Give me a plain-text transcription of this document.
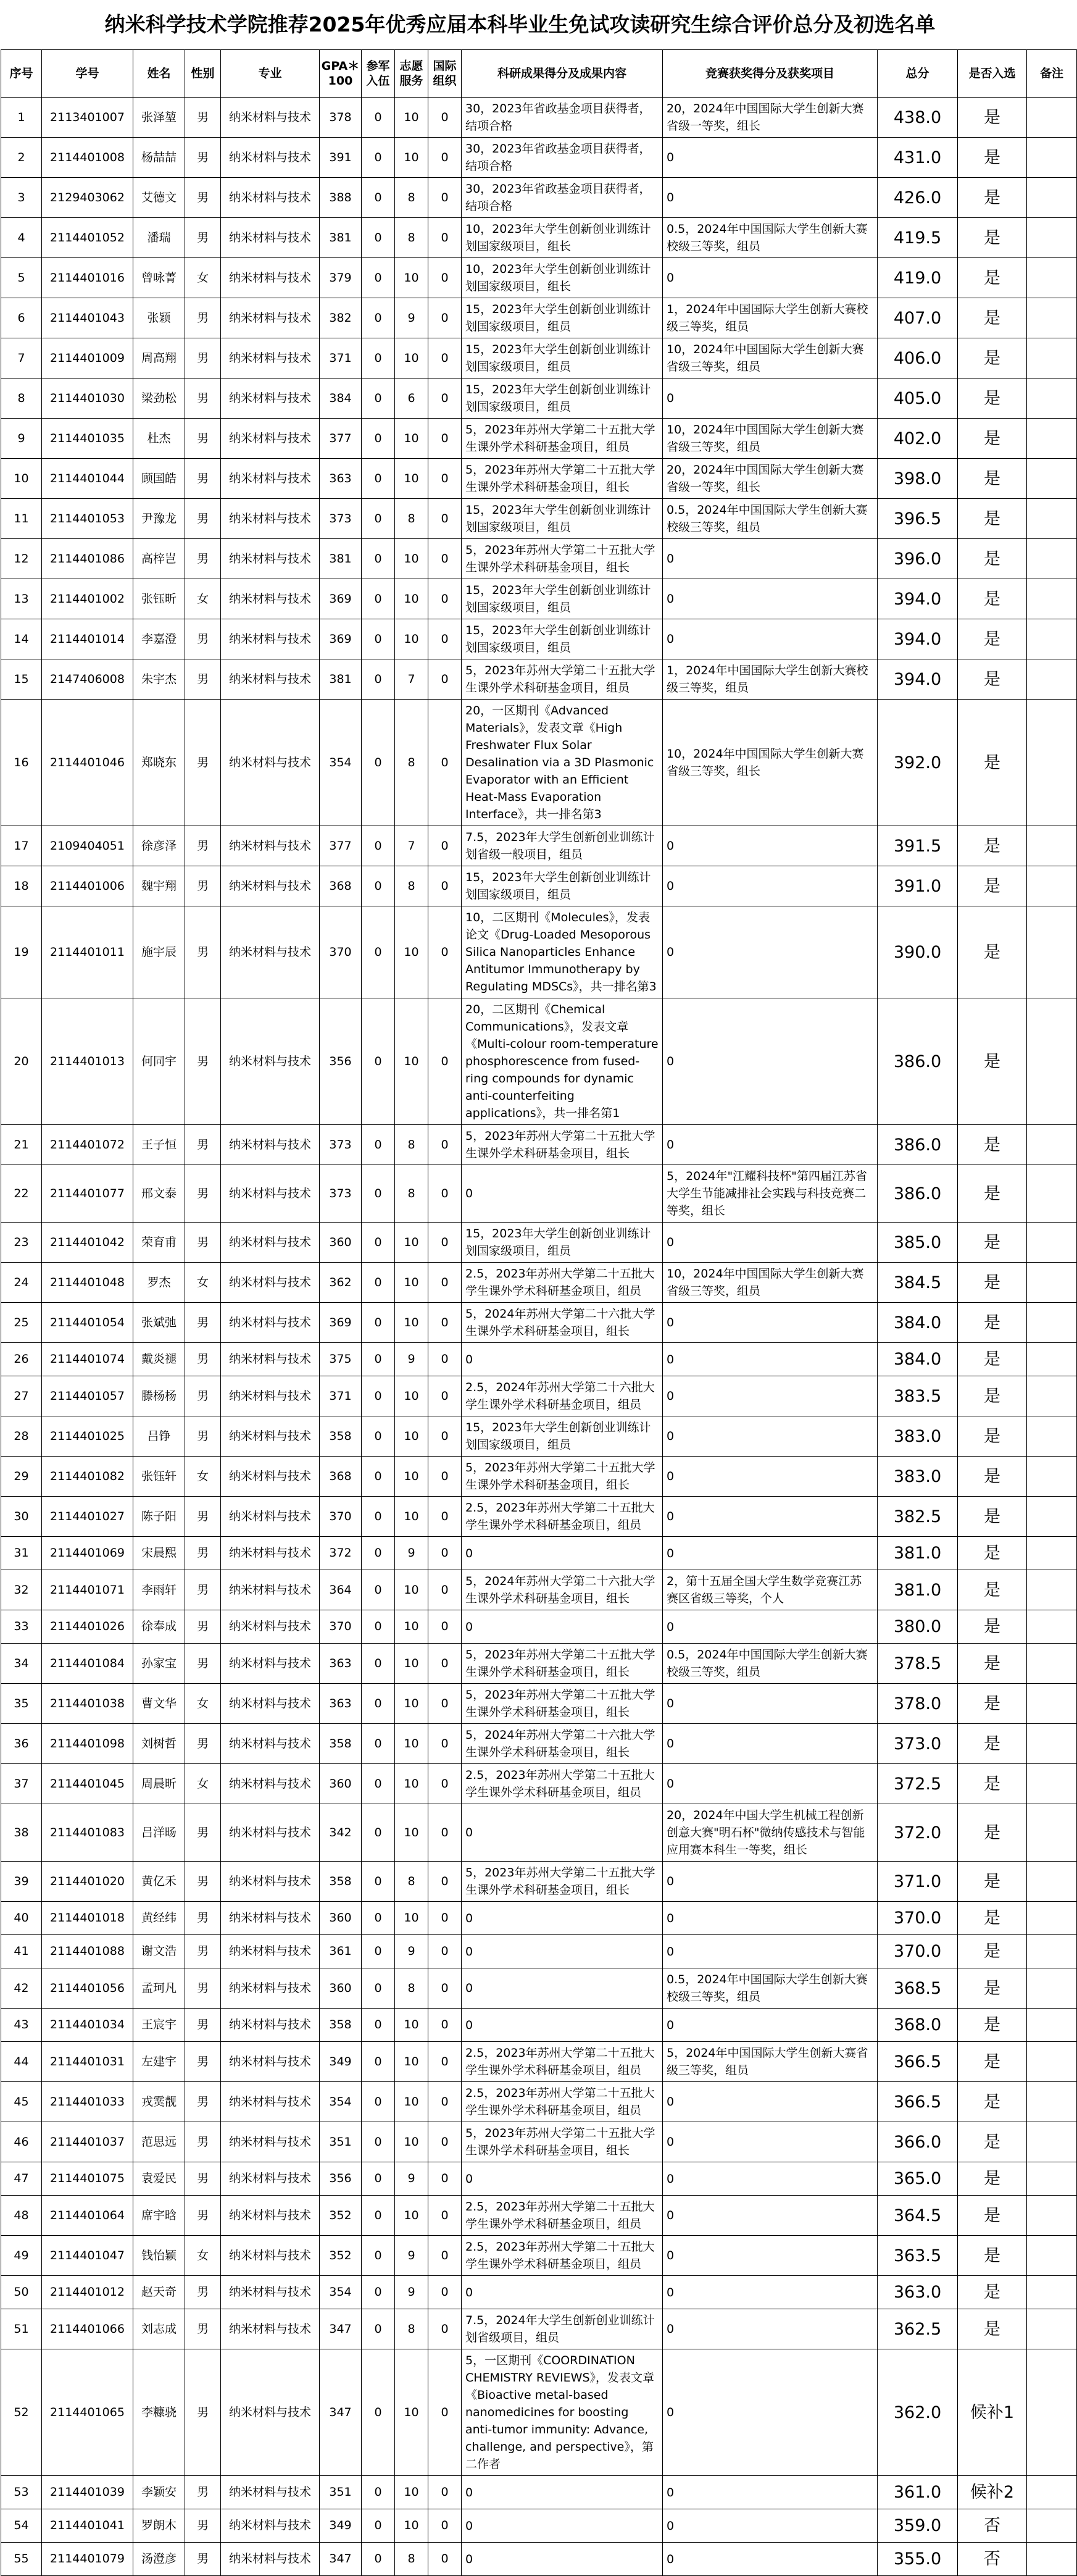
纳米科学技术学院推荐2025年优秀应届本科毕业生免试攻读研究生综合评价总分及初选名单
序号	学号	姓名	性别	专业	GPA＊100	参军入伍	志愿服务	国际组织	科研成果得分及成果内容	竞赛获奖得分及获奖项目	总分	是否入选	备注
1	2113401007	张泽堃	男	纳米材料与技术	378	0	10	0	30，2023年省政基金项目获得者，结项合格	20，2024年中国国际大学生创新大赛省级一等奖，组长	438.0	是	
2	2114401008	杨喆喆	男	纳米材料与技术	391	0	10	0	30，2023年省政基金项目获得者，结项合格	0	431.0	是	
3	2129403062	艾德文	男	纳米材料与技术	388	0	8	0	30，2023年省政基金项目获得者，结项合格	0	426.0	是	
4	2114401052	潘瑞	男	纳米材料与技术	381	0	8	0	10，2023年大学生创新创业训练计划国家级项目，组长	0.5，2024年中国国际大学生创新大赛校级三等奖，组员	419.5	是	
5	2114401016	曾咏菁	女	纳米材料与技术	379	0	10	0	10，2023年大学生创新创业训练计划国家级项目，组长	0	419.0	是	
6	2114401043	张颖	男	纳米材料与技术	382	0	9	0	15，2023年大学生创新创业训练计划国家级项目，组员	1，2024年中国国际大学生创新大赛校级三等奖，组员	407.0	是	
7	2114401009	周高翔	男	纳米材料与技术	371	0	10	0	15，2023年大学生创新创业训练计划国家级项目，组员	10，2024年中国国际大学生创新大赛省级三等奖，组员	406.0	是	
8	2114401030	梁劲松	男	纳米材料与技术	384	0	6	0	15，2023年大学生创新创业训练计划国家级项目，组员	0	405.0	是	
9	2114401035	杜杰	男	纳米材料与技术	377	0	10	0	5，2023年苏州大学第二十五批大学生课外学术科研基金项目，组员	10，2024年中国国际大学生创新大赛省级三等奖，组员	402.0	是	
10	2114401044	顾国皓	男	纳米材料与技术	363	0	10	0	5，2023年苏州大学第二十五批大学生课外学术科研基金项目，组长	20，2024年中国国际大学生创新大赛省级一等奖，组长	398.0	是	
11	2114401053	尹豫龙	男	纳米材料与技术	373	0	8	0	15，2023年大学生创新创业训练计划国家级项目，组员	0.5，2024年中国国际大学生创新大赛校级三等奖，组员	396.5	是	
12	2114401086	高梓岂	男	纳米材料与技术	381	0	10	0	5，2023年苏州大学第二十五批大学生课外学术科研基金项目，组长	0	396.0	是	
13	2114401002	张钰昕	女	纳米材料与技术	369	0	10	0	15，2023年大学生创新创业训练计划国家级项目，组员	0	394.0	是	
14	2114401014	李嘉澄	男	纳米材料与技术	369	0	10	0	15，2023年大学生创新创业训练计划国家级项目，组员	0	394.0	是	
15	2147406008	朱宇杰	男	纳米材料与技术	381	0	7	0	5，2023年苏州大学第二十五批大学生课外学术科研基金项目，组员	1，2024年中国国际大学生创新大赛校级三等奖，组员	394.0	是	
16	2114401046	郑晓东	男	纳米材料与技术	354	0	8	0	20，一区期刊《Advanced Materials》，发表文章《High Freshwater Flux Solar Desalination via a 3D Plasmonic Evaporator with an Efficient Heat-Mass Evaporation Interface》，共一排名第3	10，2024年中国国际大学生创新大赛省级三等奖，组长	392.0	是	
17	2109404051	徐彦泽	男	纳米材料与技术	377	0	7	0	7.5，2023年大学生创新创业训练计划省级一般项目，组员	0	391.5	是	
18	2114401006	魏宇翔	男	纳米材料与技术	368	0	8	0	15，2023年大学生创新创业训练计划国家级项目，组员	0	391.0	是	
19	2114401011	施宇辰	男	纳米材料与技术	370	0	10	0	10，二区期刊《Molecules》，发表论文《Drug-Loaded Mesoporous Silica Nanoparticles Enhance Antitumor Immunotherapy by Regulating MDSCs》，共一排名第3	0	390.0	是	
20	2114401013	何同宇	男	纳米材料与技术	356	0	10	0	20，二区期刊《Chemical Communications》，发表文章《Multi-colour room-temperature phosphorescence from fused-ring compounds for dynamic anti-counterfeiting applications》，共一排名第1	0	386.0	是	
21	2114401072	王子恒	男	纳米材料与技术	373	0	8	0	5，2023年苏州大学第二十五批大学生课外学术科研基金项目，组长	0	386.0	是	
22	2114401077	邢文泰	男	纳米材料与技术	373	0	8	0	0	5，2024年"江耀科技杯"第四届江苏省大学生节能减排社会实践与科技竞赛二等奖，组长	386.0	是	
23	2114401042	荣育甫	男	纳米材料与技术	360	0	10	0	15，2023年大学生创新创业训练计划国家级项目，组员	0	385.0	是	
24	2114401048	罗杰	女	纳米材料与技术	362	0	10	0	2.5，2023年苏州大学第二十五批大学生课外学术科研基金项目，组员	10，2024年中国国际大学生创新大赛省级三等奖，组员	384.5	是	
25	2114401054	张斌弛	男	纳米材料与技术	369	0	10	0	5，2024年苏州大学第二十六批大学生课外学术科研基金项目，组长	0	384.0	是	
26	2114401074	戴炎褪	男	纳米材料与技术	375	0	9	0	0	0	384.0	是	
27	2114401057	滕杨杨	男	纳米材料与技术	371	0	10	0	2.5，2024年苏州大学第二十六批大学生课外学术科研基金项目，组员	0	383.5	是	
28	2114401025	吕铮	男	纳米材料与技术	358	0	10	0	15，2023年大学生创新创业训练计划国家级项目，组员	0	383.0	是	
29	2114401082	张钰轩	女	纳米材料与技术	368	0	10	0	5，2023年苏州大学第二十五批大学生课外学术科研基金项目，组长	0	383.0	是	
30	2114401027	陈子阳	男	纳米材料与技术	370	0	10	0	2.5，2023年苏州大学第二十五批大学生课外学术科研基金项目，组员	0	382.5	是	
31	2114401069	宋晨熙	男	纳米材料与技术	372	0	9	0	0	0	381.0	是	
32	2114401071	李雨轩	男	纳米材料与技术	364	0	10	0	5，2024年苏州大学第二十六批大学生课外学术科研基金项目，组长	2，第十五届全国大学生数学竞赛江苏赛区省级三等奖，个人	381.0	是	
33	2114401026	徐奉成	男	纳米材料与技术	370	0	10	0	0	0	380.0	是	
34	2114401084	孙家宝	男	纳米材料与技术	363	0	10	0	5，2023年苏州大学第二十五批大学生课外学术科研基金项目，组长	0.5，2024年中国国际大学生创新大赛校级三等奖，组员	378.5	是	
35	2114401038	曹文华	女	纳米材料与技术	363	0	10	0	5，2023年苏州大学第二十五批大学生课外学术科研基金项目，组长	0	378.0	是	
36	2114401098	刘树哲	男	纳米材料与技术	358	0	10	0	5，2024年苏州大学第二十六批大学生课外学术科研基金项目，组长	0	373.0	是	
37	2114401045	周晨昕	女	纳米材料与技术	360	0	10	0	2.5，2023年苏州大学第二十五批大学生课外学术科研基金项目，组员	0	372.5	是	
38	2114401083	吕洋旸	男	纳米材料与技术	342	0	10	0	0	20，2024年中国大学生机械工程创新创意大赛"明石杯"微纳传感技术与智能应用赛本科生一等奖，组长	372.0	是	
39	2114401020	黄亿禾	男	纳米材料与技术	358	0	8	0	5，2023年苏州大学第二十五批大学生课外学术科研基金项目，组长	0	371.0	是	
40	2114401018	黄经纬	男	纳米材料与技术	360	0	10	0	0	0	370.0	是	
41	2114401088	谢文浩	男	纳米材料与技术	361	0	9	0	0	0	370.0	是	
42	2114401056	孟珂凡	男	纳米材料与技术	360	0	8	0	0	0.5，2024年中国国际大学生创新大赛校级三等奖，组员	368.5	是	
43	2114401034	王宸宇	男	纳米材料与技术	358	0	10	0	0	0	368.0	是	
44	2114401031	左建宇	男	纳米材料与技术	349	0	10	0	2.5，2023年苏州大学第二十五批大学生课外学术科研基金项目，组员	5，2024年中国国际大学生创新大赛省级三等奖，组员	366.5	是	
45	2114401033	戎霙靓	男	纳米材料与技术	354	0	10	0	2.5，2023年苏州大学第二十五批大学生课外学术科研基金项目，组员	0	366.5	是	
46	2114401037	范思远	男	纳米材料与技术	351	0	10	0	5，2023年苏州大学第二十五批大学生课外学术科研基金项目，组长	0	366.0	是	
47	2114401075	袁爱民	男	纳米材料与技术	356	0	9	0	0	0	365.0	是	
48	2114401064	席宇晗	男	纳米材料与技术	352	0	10	0	2.5，2023年苏州大学第二十五批大学生课外学术科研基金项目，组员	0	364.5	是	
49	2114401047	钱怡颖	女	纳米材料与技术	352	0	9	0	2.5，2023年苏州大学第二十五批大学生课外学术科研基金项目，组员	0	363.5	是	
50	2114401012	赵天奇	男	纳米材料与技术	354	0	9	0	0	0	363.0	是	
51	2114401066	刘志成	男	纳米材料与技术	347	0	8	0	7.5，2024年大学生创新创业训练计划省级项目，组员	0	362.5	是	
52	2114401065	李糠骁	男	纳米材料与技术	347	0	10	0	5，一区期刊《COORDINATION CHEMISTRY REVIEWS》，发表文章《Bioactive metal-based nanomedicines for boosting anti-tumor immunity: Advance, challenge, and perspective》，第二作者	0	362.0	候补1	
53	2114401039	李颖安	男	纳米材料与技术	351	0	10	0	0	0	361.0	候补2	
54	2114401041	罗朗木	男	纳米材料与技术	349	0	10	0	0	0	359.0	否	
55	2114401079	汤澄彦	男	纳米材料与技术	347	0	8	0	0	0	355.0	否	
